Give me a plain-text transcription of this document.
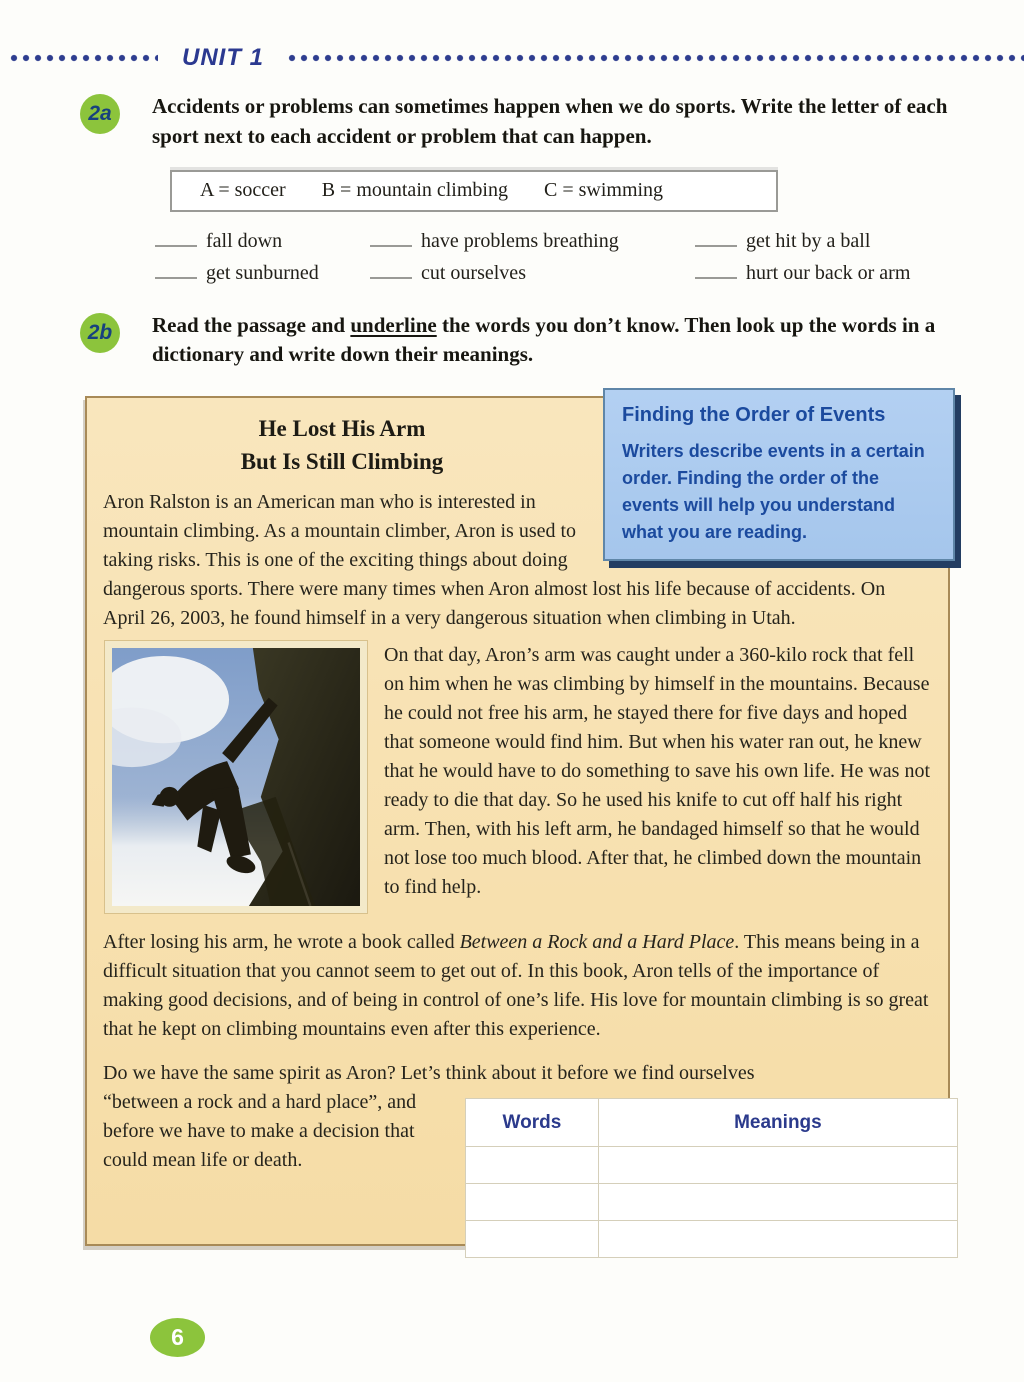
UNIT 1
2a	Accidents or problems can sometimes happen when we do sports. Write the letter of each sport next to each accident or problem that can happen.
A = soccer B = mountain climbing C = swimming
fall down	have problems breathing	get hit by a ball
get sunburned	cut ourselves	hurt our back or arm
2b	Read the passage and underline the words you don’t know. Then look up the words in a dictionary and write down their meanings.
Finding the Order of Events
Writers describe events in a certain order. Finding the order of the events will help you understand what you are reading.
He Lost His Arm
But Is Still Climbing
Aron Ralston is an American man who is interested in mountain climbing. As a mountain climber, Aron is used to taking risks. This is one of the exciting things about doing dangerous sports. There were many times when Aron almost lost his life because of accidents. On April 26, 2003, he found himself in a very dangerous situation when climbing in Utah.
On that day, Aron’s arm was caught under a 360-kilo rock that fell on him when he was climbing by himself in the mountains. Because he could not free his arm, he stayed there for five days and hoped that someone would find him. But when his water ran out, he knew that he would have to do something to save his own life. He was not ready to die that day. So he used his knife to cut off half his right arm. Then, with his left arm, he bandaged himself so that he would not lose too much blood. After that, he climbed down the mountain to find help.
After losing his arm, he wrote a book called Between a Rock and a Hard Place. This means being in a difficult situation that you cannot seem to get out of. In this book, Aron tells of the importance of making good decisions, and of being in control of one’s life. His love for mountain climbing is so great that he kept on climbing mountains even after this experience.
Do we have the same spirit as Aron? Let’s think about it before we find ourselves
“between a rock and a hard place”, and before we have to make a decision that could mean life or death.
Words	Meanings

6
